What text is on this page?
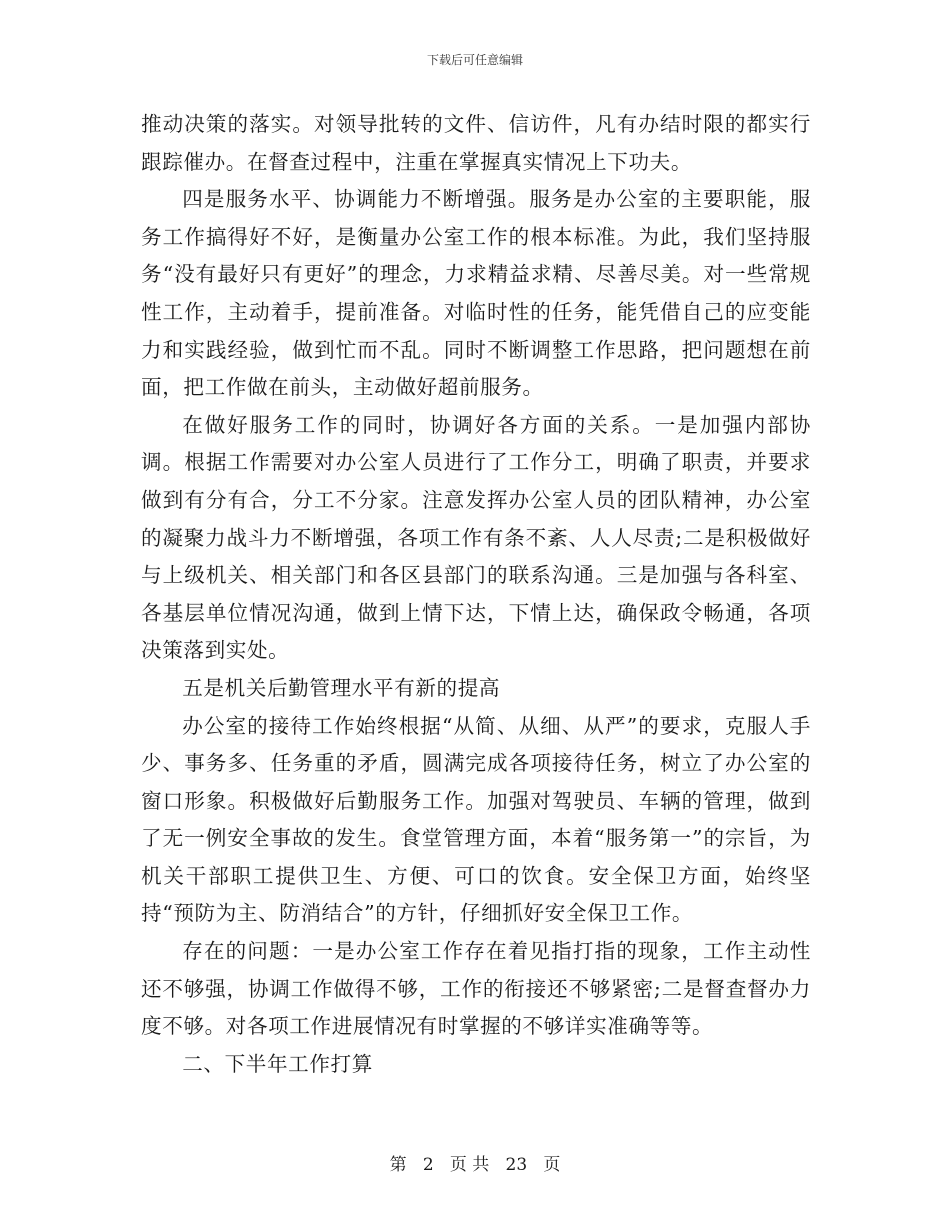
下载后可任意编辑

推动决策的落实。对领导批转的文件、信访件，凡有办结时限的都实行跟踪催办。在督查过程中，注重在掌握真实情况上下功夫。

四是服务水平、协调能力不断增强。服务是办公室的主要职能，服务工作搞得好不好，是衡量办公室工作的根本标准。为此，我们坚持服务“没有最好只有更好”的理念，力求精益求精、尽善尽美。对一些常规性工作，主动着手，提前准备。对临时性的任务，能凭借自己的应变能力和实践经验，做到忙而不乱。同时不断调整工作思路，把问题想在前面，把工作做在前头，主动做好超前服务。

在做好服务工作的同时，协调好各方面的关系。一是加强内部协调。根据工作需要对办公室人员进行了工作分工，明确了职责，并要求做到有分有合，分工不分家。注意发挥办公室人员的团队精神，办公室的凝聚力战斗力不断增强，各项工作有条不紊、人人尽责;二是积极做好与上级机关、相关部门和各区县部门的联系沟通。三是加强与各科室、各基层单位情况沟通，做到上情下达，下情上达，确保政令畅通，各项决策落到实处。

五是机关后勤管理水平有新的提高

办公室的接待工作始终根据“从简、从细、从严”的要求，克服人手少、事务多、任务重的矛盾，圆满完成各项接待任务，树立了办公室的窗口形象。积极做好后勤服务工作。加强对驾驶员、车辆的管理，做到了无一例安全事故的发生。食堂管理方面，本着“服务第一”的宗旨，为机关干部职工提供卫生、方便、可口的饮食。安全保卫方面，始终坚持“预防为主、防消结合”的方针，仔细抓好安全保卫工作。

存在的问题：一是办公室工作存在着见指打指的现象，工作主动性还不够强，协调工作做得不够，工作的衔接还不够紧密;二是督查督办力度不够。对各项工作进展情况有时掌握的不够详实准确等等。

二、下半年工作打算

第 2 页 共 23 页
